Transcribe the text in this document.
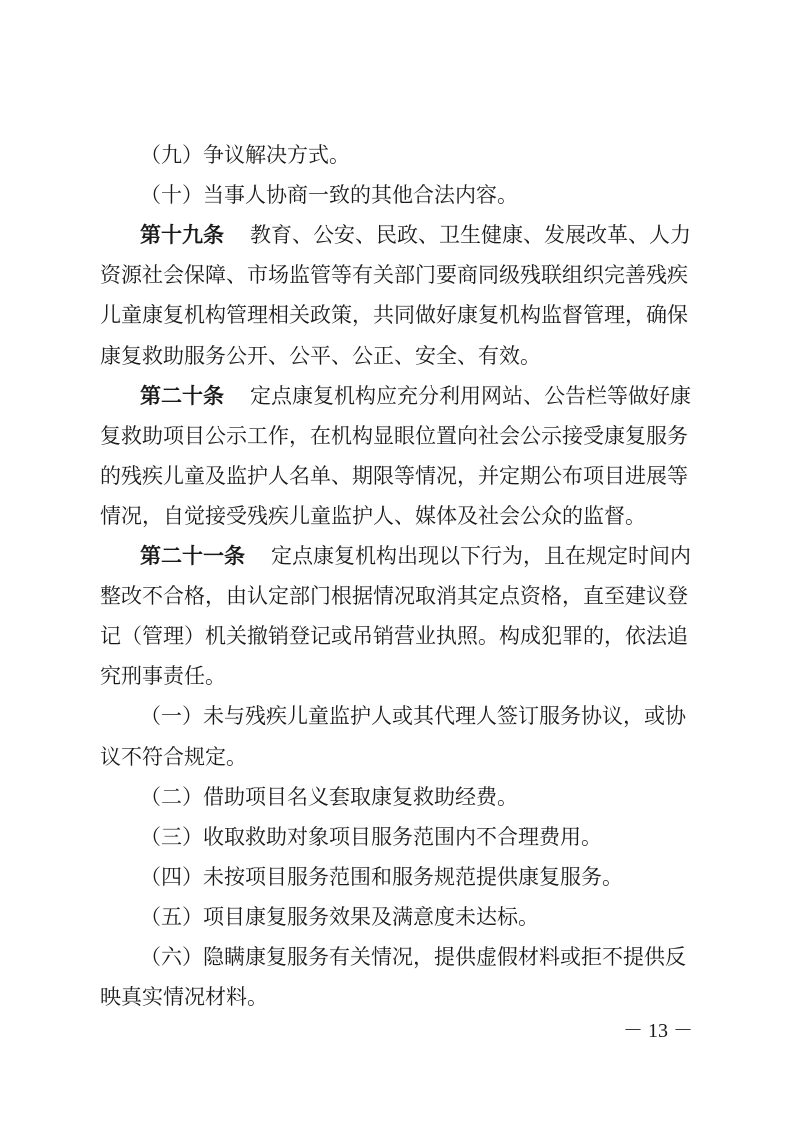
（九）争议解决方式。
（十）当事人协商一致的其他合法内容。
第十九条 教育、公安、民政、卫生健康、发展改革、人力
资源社会保障、市场监管等有关部门要商同级残联组织完善残疾
儿童康复机构管理相关政策，共同做好康复机构监督管理，确保
康复救助服务公开、公平、公正、安全、有效。
第二十条 定点康复机构应充分利用网站、公告栏等做好康
复救助项目公示工作，在机构显眼位置向社会公示接受康复服务
的残疾儿童及监护人名单、期限等情况，并定期公布项目进展等
情况，自觉接受残疾儿童监护人、媒体及社会公众的监督。
第二十一条 定点康复机构出现以下行为，且在规定时间内
整改不合格，由认定部门根据情况取消其定点资格，直至建议登
记（管理）机关撤销登记或吊销营业执照。构成犯罪的，依法追
究刑事责任。
（一）未与残疾儿童监护人或其代理人签订服务协议，或协
议不符合规定。
（二）借助项目名义套取康复救助经费。
（三）收取救助对象项目服务范围内不合理费用。
（四）未按项目服务范围和服务规范提供康复服务。
（五）项目康复服务效果及满意度未达标。
（六）隐瞒康复服务有关情况，提供虚假材料或拒不提供反
映真实情况材料。
－ 13 －
